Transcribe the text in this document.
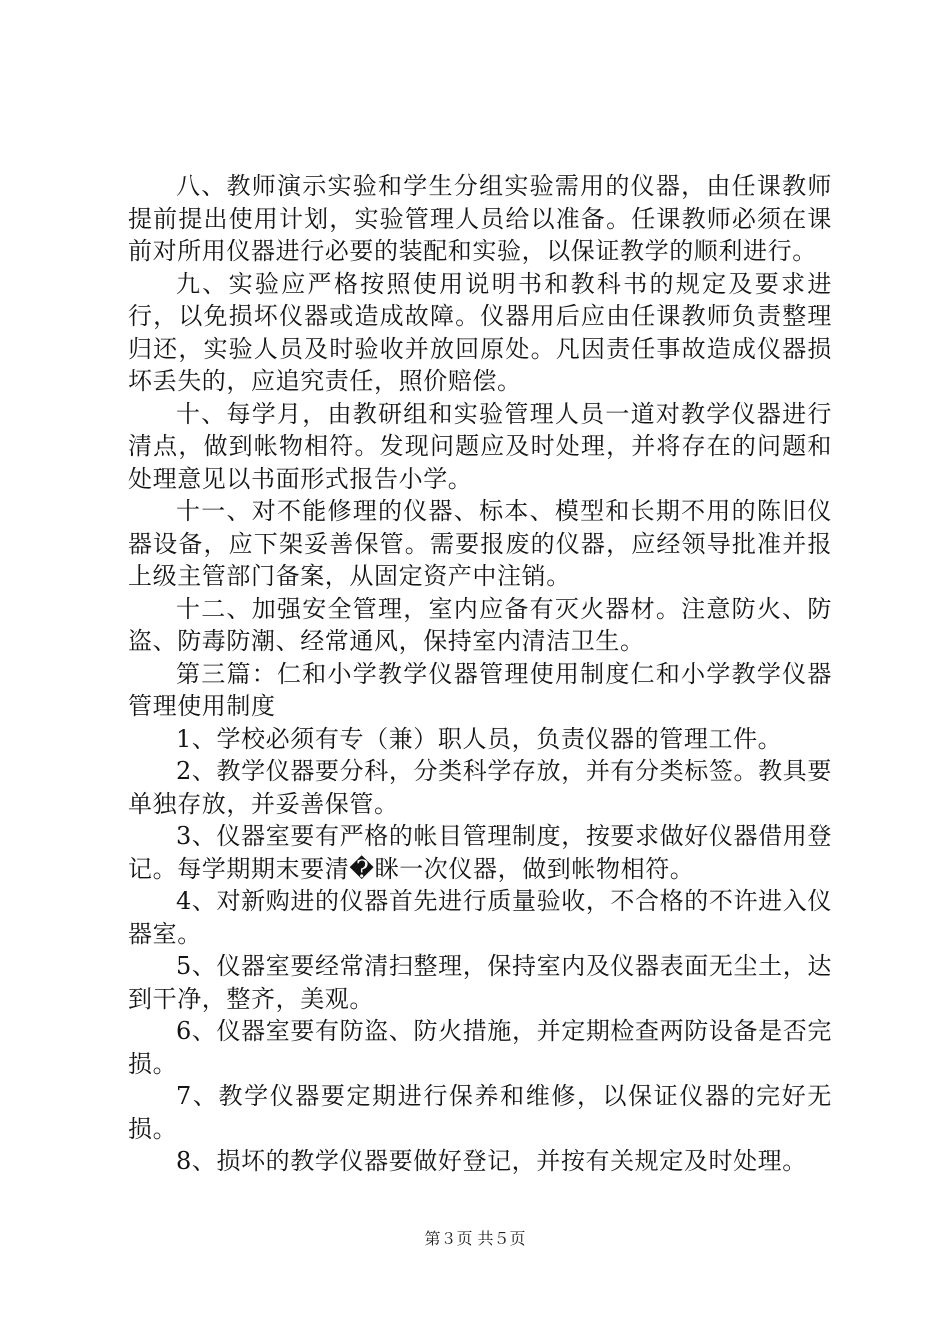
八、教师演示实验和学生分组实验需用的仪器，由任课教师提前提出使用计划，实验管理人员给以准备。任课教师必须在课前对所用仪器进行必要的装配和实验，以保证教学的顺利进行。

九、实验应严格按照使用说明书和教科书的规定及要求进行，以免损坏仪器或造成故障。仪器用后应由任课教师负责整理归还，实验人员及时验收并放回原处。凡因责任事故造成仪器损坏丢失的，应追究责任，照价赔偿。

十、每学月，由教研组和实验管理人员一道对教学仪器进行清点，做到帐物相符。发现问题应及时处理，并将存在的问题和处理意见以书面形式报告小学。

十一、对不能修理的仪器、标本、模型和长期不用的陈旧仪器设备，应下架妥善保管。需要报废的仪器，应经领导批准并报上级主管部门备案，从固定资产中注销。

十二、加强安全管理，室内应备有灭火器材。注意防火、防盗、防毒防潮、经常通风，保持室内清洁卫生。

第三篇：仁和小学教学仪器管理使用制度仁和小学教学仪器管理使用制度

1、学校必须有专（兼）职人员，负责仪器的管理工件。

2、教学仪器要分科，分类科学存放，并有分类标签。教具要单独存放，并妥善保管。

3、仪器室要有严格的帐目管理制度，按要求做好仪器借用登记。每学期期末要清�眯一次仪器，做到帐物相符。

4、对新购进的仪器首先进行质量验收，不合格的不许进入仪器室。

5、仪器室要经常清扫整理，保持室内及仪器表面无尘土，达到干净，整齐，美观。

6、仪器室要有防盗、防火措施，并定期检查两防设备是否完损。

7、教学仪器要定期进行保养和维修，以保证仪器的完好无损。

8、损坏的教学仪器要做好登记，并按有关规定及时处理。

第３页 共５页
